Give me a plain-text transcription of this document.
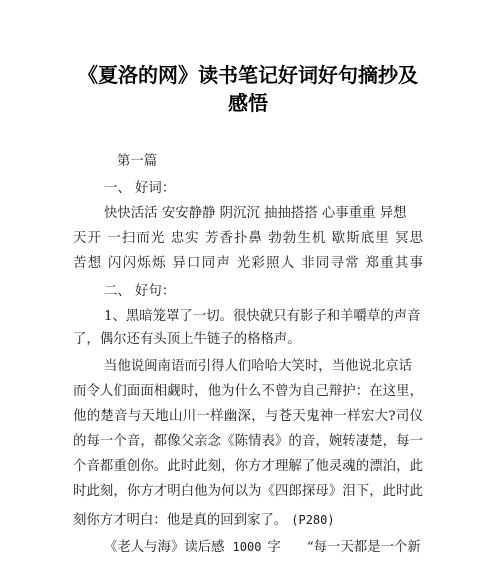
《夏洛的网》读书笔记好词好句摘抄及
感悟

第一篇

一、 好词：

快快活活 安安静静 阴沉沉 抽抽搭搭 心事重重 异想

天开 一扫而光 忠实 芳香扑鼻 勃勃生机 歇斯底里 冥思

苦想 闪闪烁烁 异口同声 光彩照人 非同寻常 郑重其事

二、 好句：

1、黑暗笼罩了一切。很快就只有影子和羊嚼草的声音

了，偶尔还有头顶上牛链子的格格声。

当他说闽南语而引得人们哈哈大笑时，当他说北京话

而令人们面面相觑时，他为什么不曾为自己辩护：在这里，

他的楚音与天地山川一样幽深，与苍天鬼神一样宏大?司仪

的每一个音，都像父亲念《陈情表》的音，婉转凄楚，每一

个音都重创你。此时此刻，你方才理解了他灵魂的漂泊，此

时此刻，你方才明白他为何以为《四郎探母》泪下，此时此

刻你方才明白：他是真的回到家了。 (P280)

《老人与海》读后感 1000 字 “每一天都是一个新
